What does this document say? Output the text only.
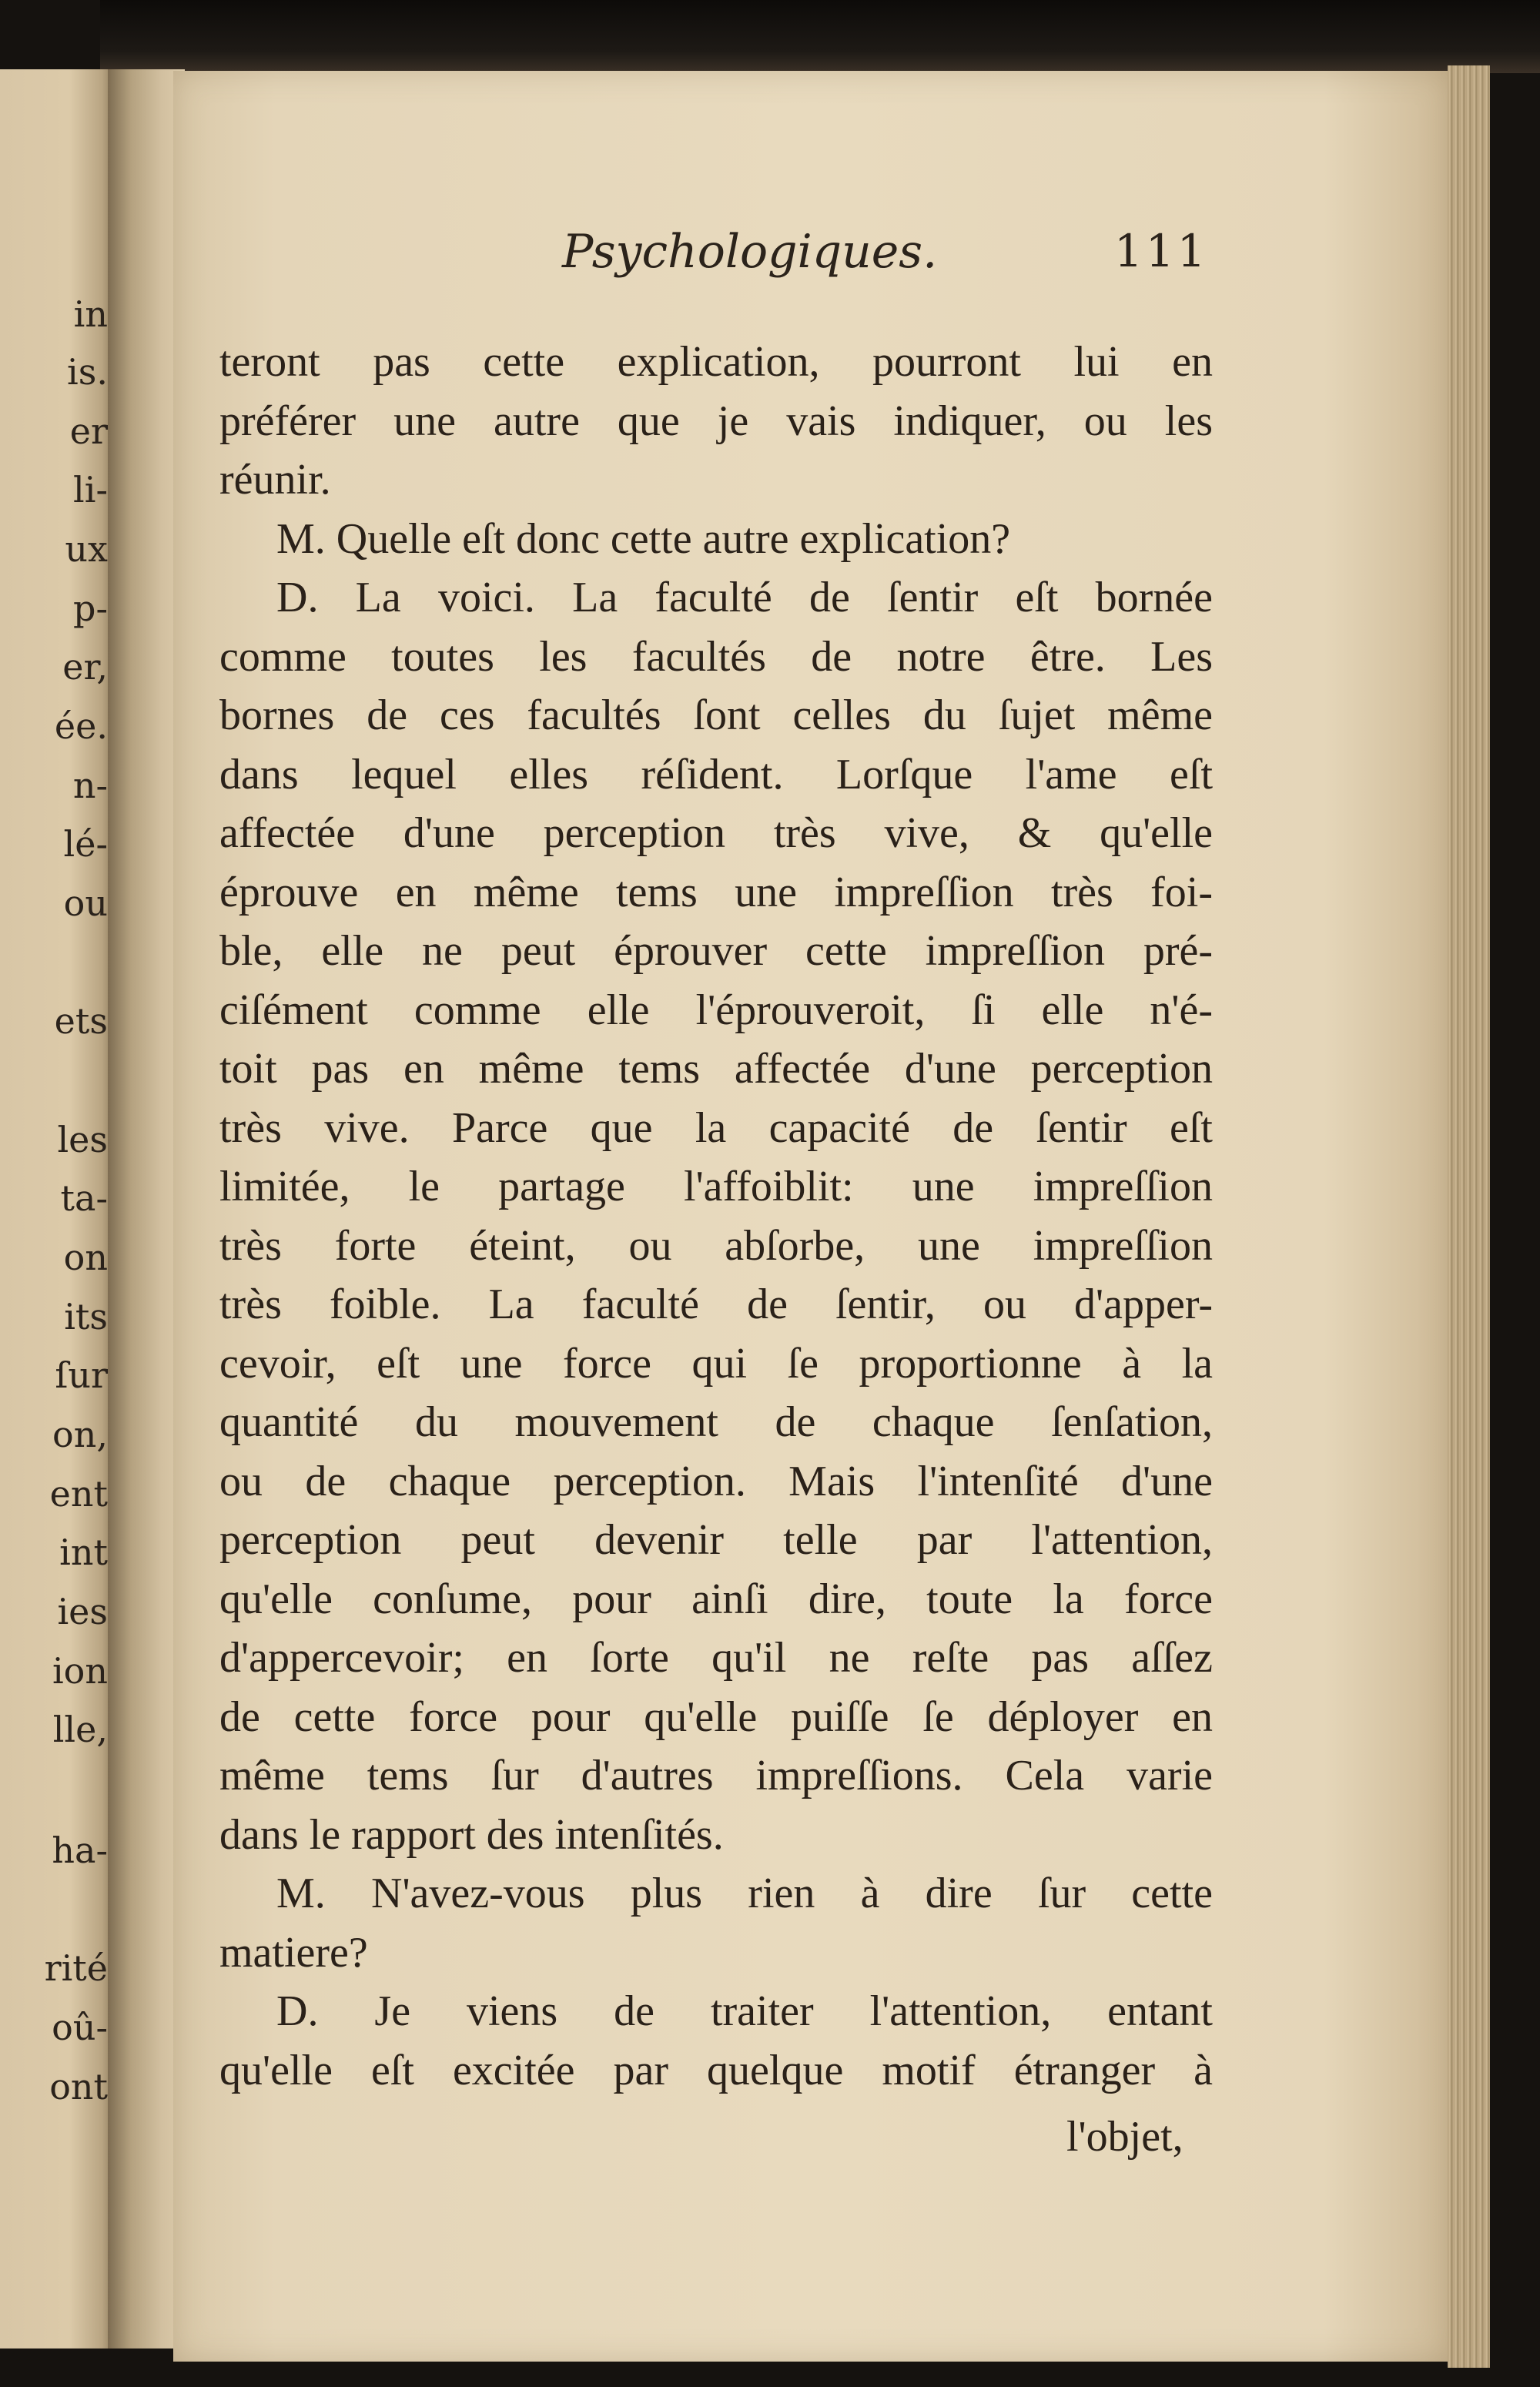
in
is.
er
li-
ux
p-
er,
ée.
n-
lé-
ou
ets
les
ta-
on
its
ſur
on,
ent
int
ies
ion
lle,
ha-
rité
oû-
ont
Psychologiques.	111
teront pas cette explication, pourront lui en
préférer une autre que je vais indiquer, ou les
réunir.
M. Quelle eſt donc cette autre explication?
D. La voici. La faculté de ſentir eſt bornée
comme toutes les facultés de notre être. Les
bornes de ces facultés ſont celles du ſujet même
dans lequel elles réſident. Lorſque l'ame eſt
affectée d'une perception très vive, & qu'elle
éprouve en même tems une impreſſion très foi-
ble, elle ne peut éprouver cette impreſſion pré-
ciſément comme elle l'éprouveroit, ſi elle n'é-
toit pas en même tems affectée d'une perception
très vive. Parce que la capacité de ſentir eſt
limitée, le partage l'affoiblit: une impreſſion
très forte éteint, ou abſorbe, une impreſſion
très foible. La faculté de ſentir, ou d'apper-
cevoir, eſt une force qui ſe proportionne à la
quantité du mouvement de chaque ſenſation,
ou de chaque perception. Mais l'intenſité d'une
perception peut devenir telle par l'attention,
qu'elle conſume, pour ainſi dire, toute la force
d'appercevoir; en ſorte qu'il ne reſte pas aſſez
de cette force pour qu'elle puiſſe ſe déployer en
même tems ſur d'autres impreſſions. Cela varie
dans le rapport des intenſités.
M. N'avez-vous plus rien à dire ſur cette
matiere?
D. Je viens de traiter l'attention, entant
qu'elle eſt excitée par quelque motif étranger à
l'objet,
